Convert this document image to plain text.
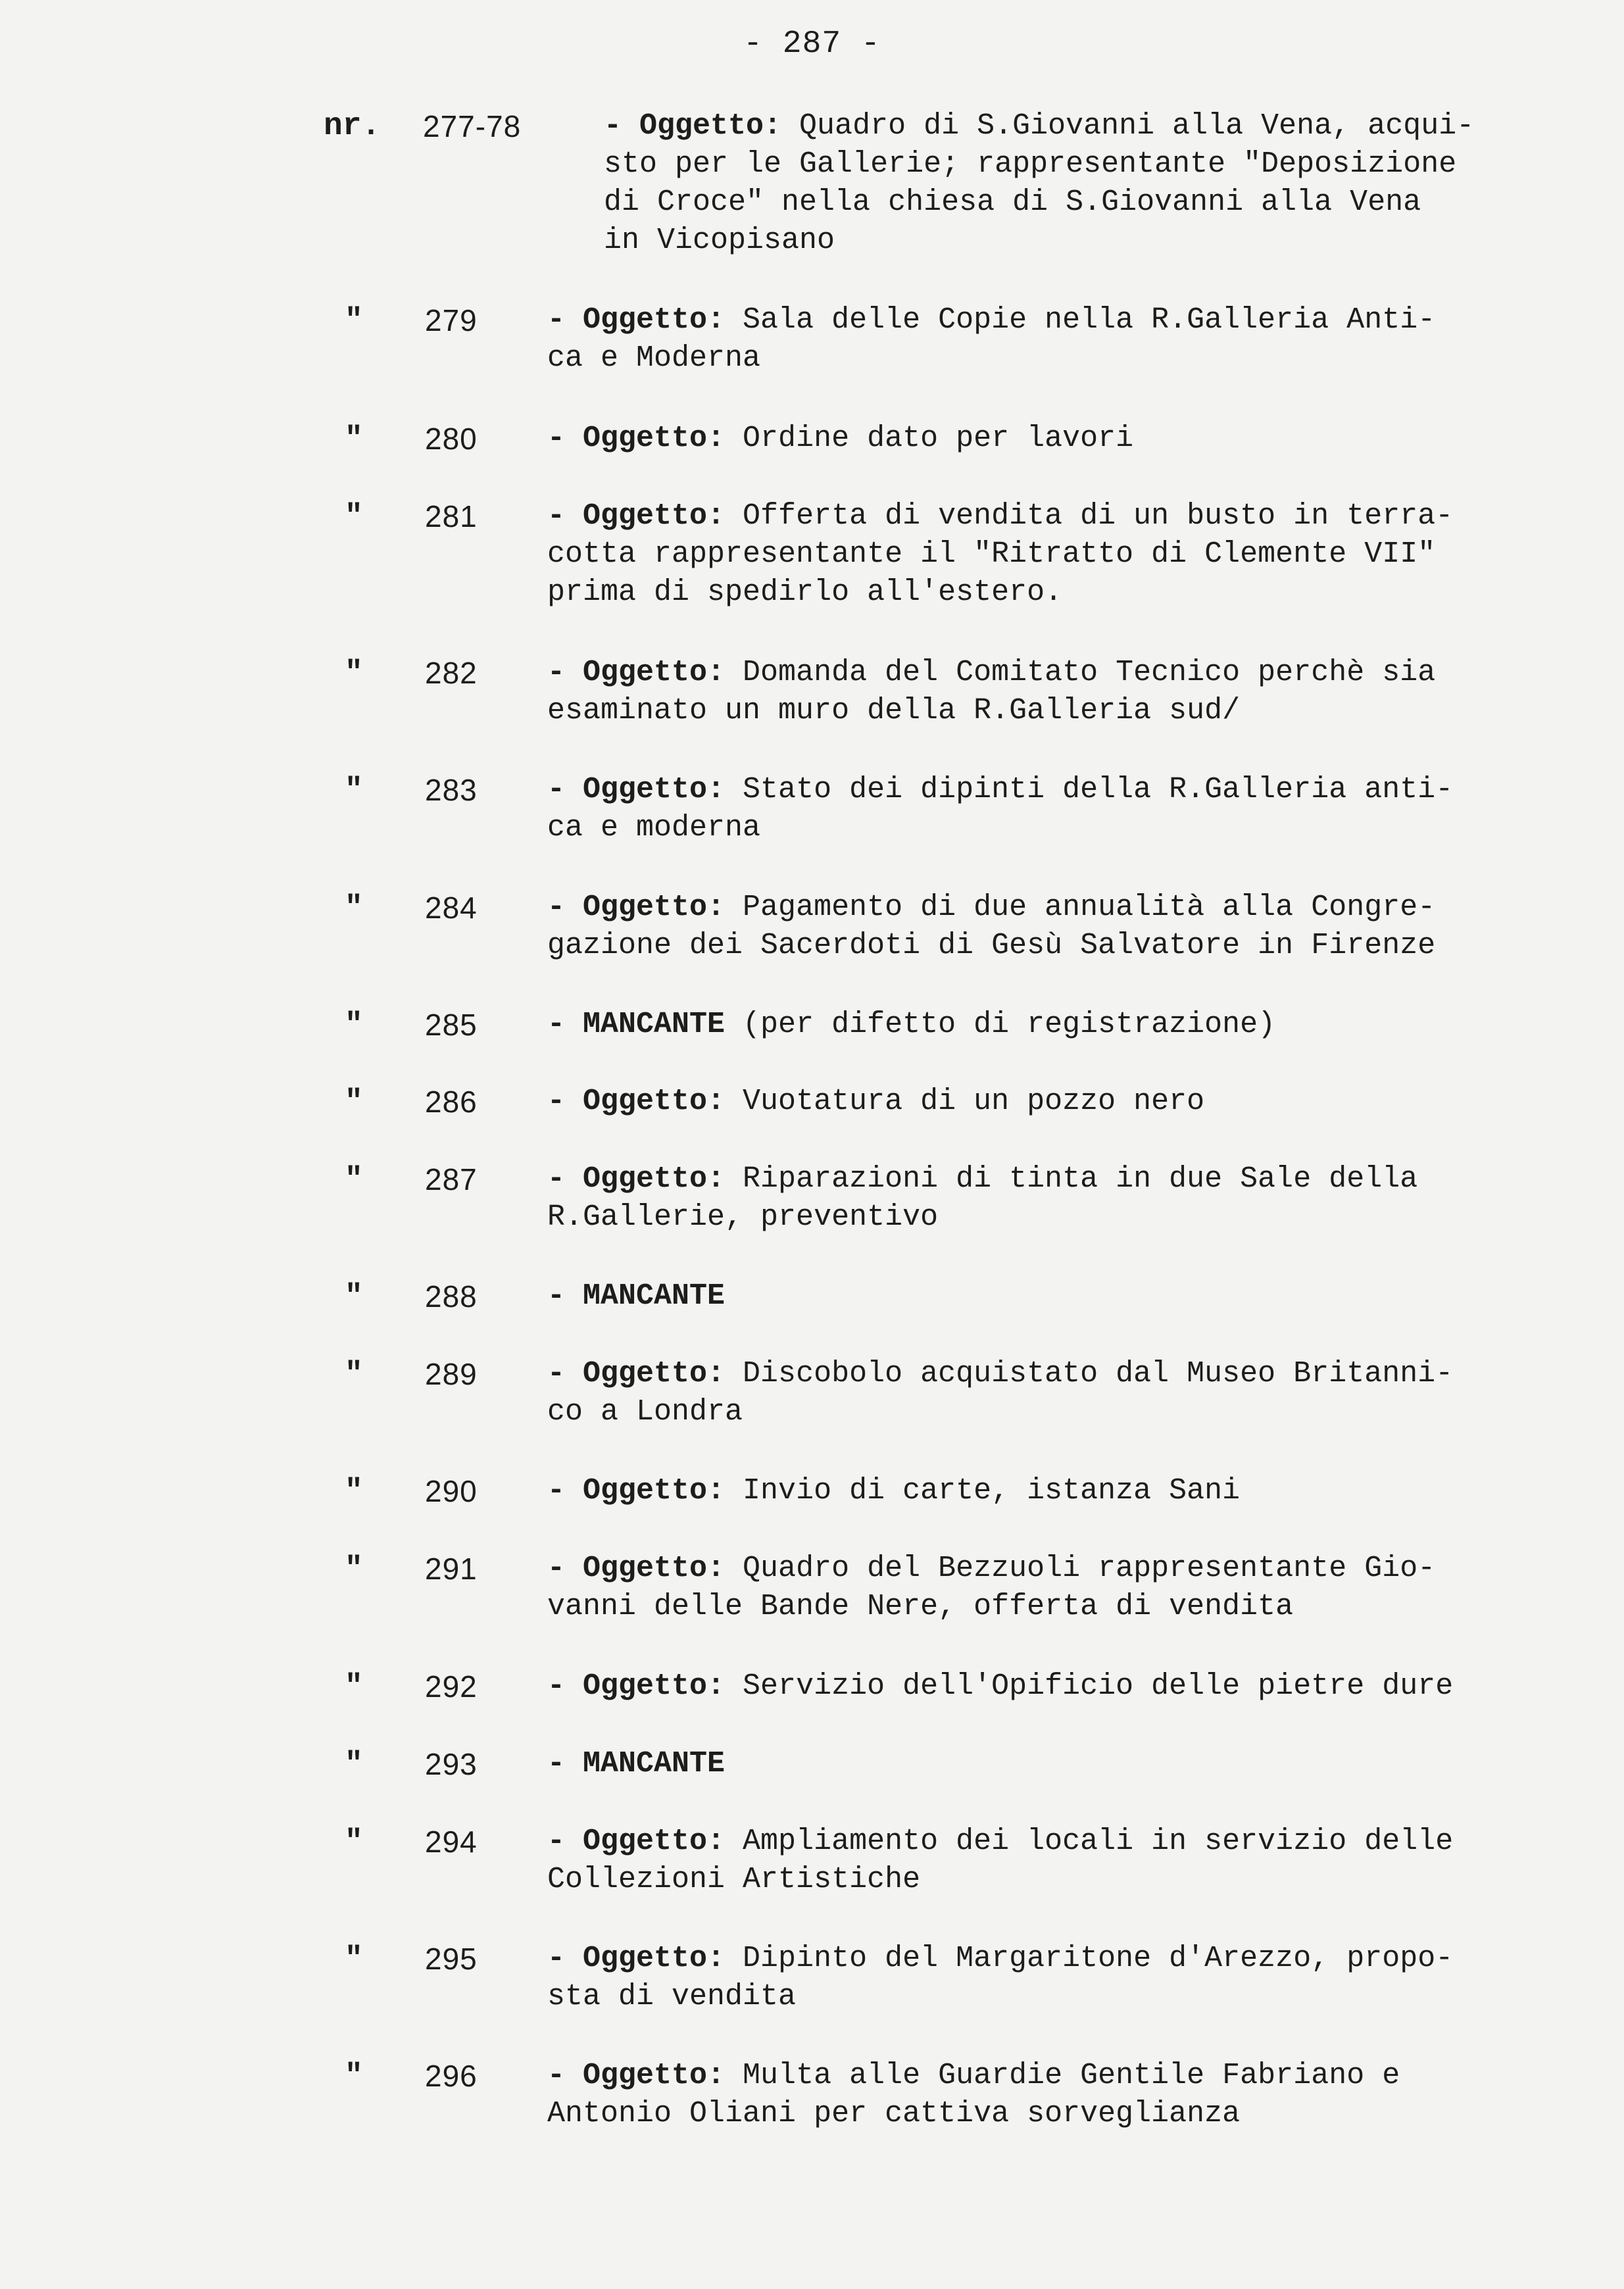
- 287 -
nr. 277-78	- Oggetto: Quadro di S.Giovanni alla Vena, acqui-
sto per le Gallerie; rappresentante "Deposizione
di Croce" nella chiesa di S.Giovanni alla Vena
in Vicopisano
" 279 - Oggetto: Sala delle Copie nella R.Galleria Anti-
ca e Moderna
" 280 - Oggetto: Ordine dato per lavori
" 281 - Oggetto: Offerta di vendita di un busto in terra-
cotta rappresentante il "Ritratto di Clemente VII"
prima di spedirlo all'estero.
" 282 - Oggetto: Domanda del Comitato Tecnico perchè sia
esaminato un muro della R.Galleria sud/
" 283 - Oggetto: Stato dei dipinti della R.Galleria anti-
ca e moderna
" 284 - Oggetto: Pagamento di due annualità alla Congre-
gazione dei Sacerdoti di Gesù Salvatore in Firenze
" 285 - MANCANTE (per difetto di registrazione)
" 286 - Oggetto: Vuotatura di un pozzo nero
" 287 - Oggetto: Riparazioni di tinta in due Sale della
R.Gallerie, preventivo
" 288 - MANCANTE
" 289 - Oggetto: Discobolo acquistato dal Museo Britanni-
co a Londra
" 290 - Oggetto: Invio di carte, istanza Sani
" 291 - Oggetto: Quadro del Bezzuoli rappresentante Gio-
vanni delle Bande Nere, offerta di vendita
" 292 - Oggetto: Servizio dell'Opificio delle pietre dure
" 293 - MANCANTE
" 294 - Oggetto: Ampliamento dei locali in servizio delle
Collezioni Artistiche
" 295 - Oggetto: Dipinto del Margaritone d'Arezzo, propo-
sta di vendita
" 296 - Oggetto: Multa alle Guardie Gentile Fabriano e
Antonio Oliani per cattiva sorveglianza
